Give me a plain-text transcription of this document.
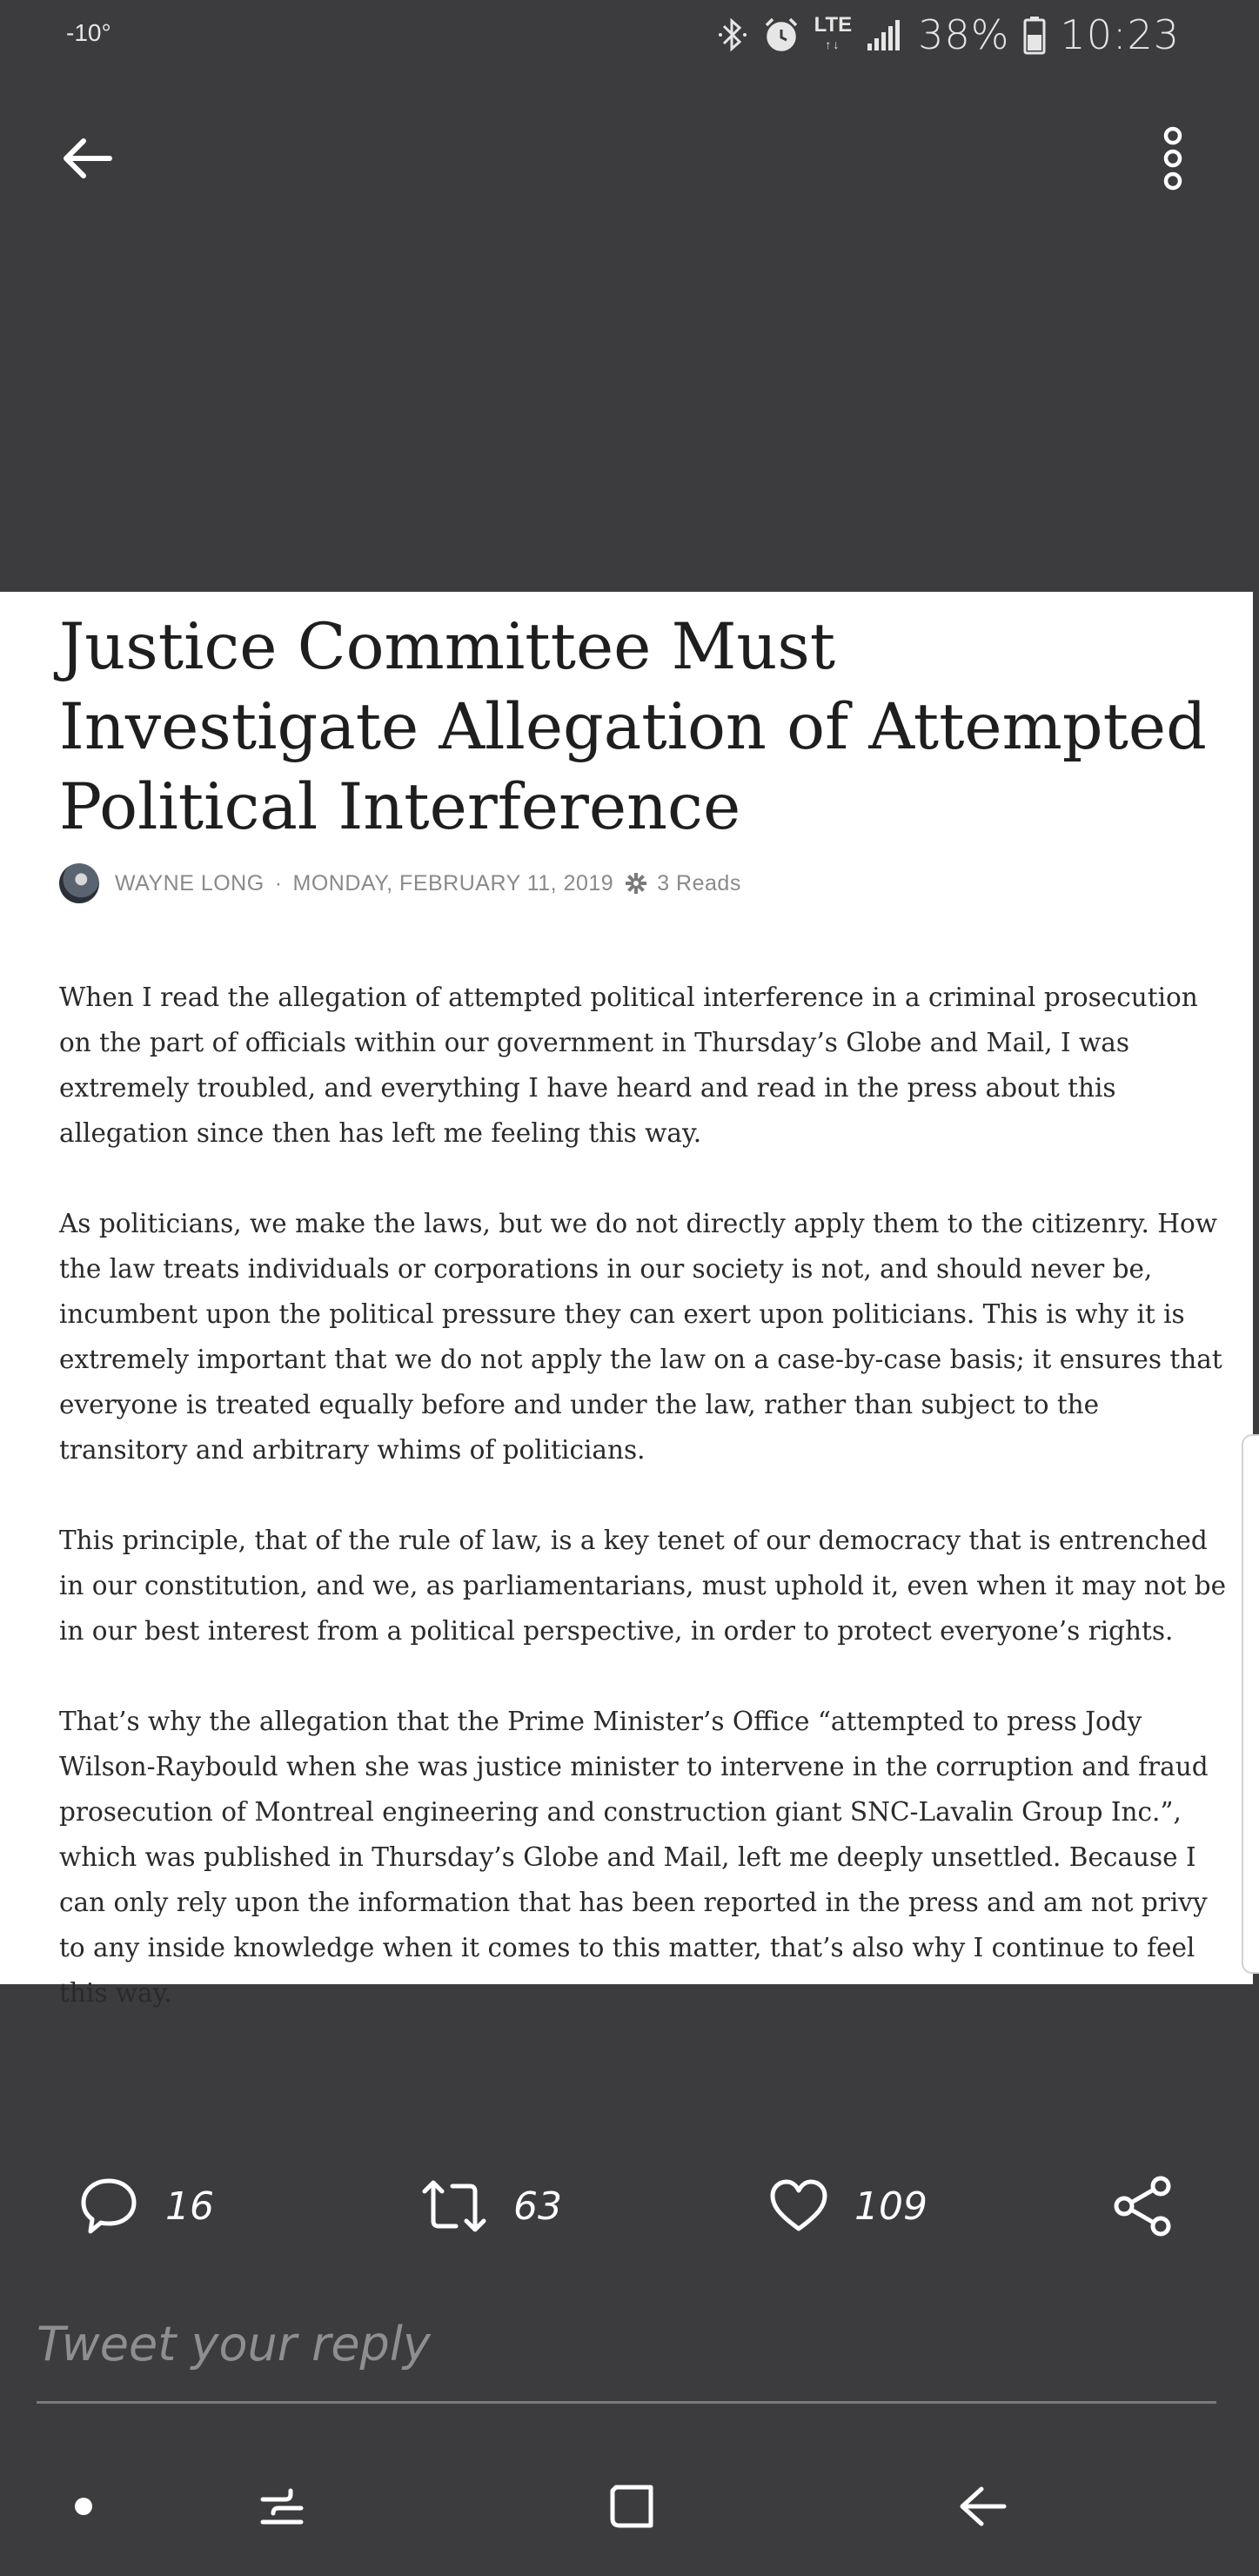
-10°	LTE
↑↓ 38% 10:23
Justice Committee Must Investigate Allegation of Attempted Political Interference
WAYNE LONG · MONDAY, FEBRUARY 11, 2019 3 Reads

When I read the allegation of attempted political interference in a criminal prosecution on the part of officials within our government in Thursday’s Globe and Mail, I was extremely troubled, and everything I have heard and read in the press about this allegation since then has left me feeling this way.

As politicians, we make the laws, but we do not directly apply them to the citizenry. How the law treats individuals or corporations in our society is not, and should never be, incumbent upon the political pressure they can exert upon politicians. This is why it is extremely important that we do not apply the law on a case-by-case basis; it ensures that everyone is treated equally before and under the law, rather than subject to the transitory and arbitrary whims of politicians.

This principle, that of the rule of law, is a key tenet of our democracy that is entrenched in our constitution, and we, as parliamentarians, must uphold it, even when it may not be in our best interest from a political perspective, in order to protect everyone’s rights.

That’s why the allegation that the Prime Minister’s Office “attempted to press Jody Wilson-Raybould when she was justice minister to intervene in the corruption and fraud prosecution of Montreal engineering and construction giant SNC-Lavalin Group Inc.”, which was published in Thursday’s Globe and Mail, left me deeply unsettled. Because I can only rely upon the information that has been reported in the press and am not privy to any inside knowledge when it comes to this matter, that’s also why I continue to feel this way.

16	63	109
Tweet your reply
